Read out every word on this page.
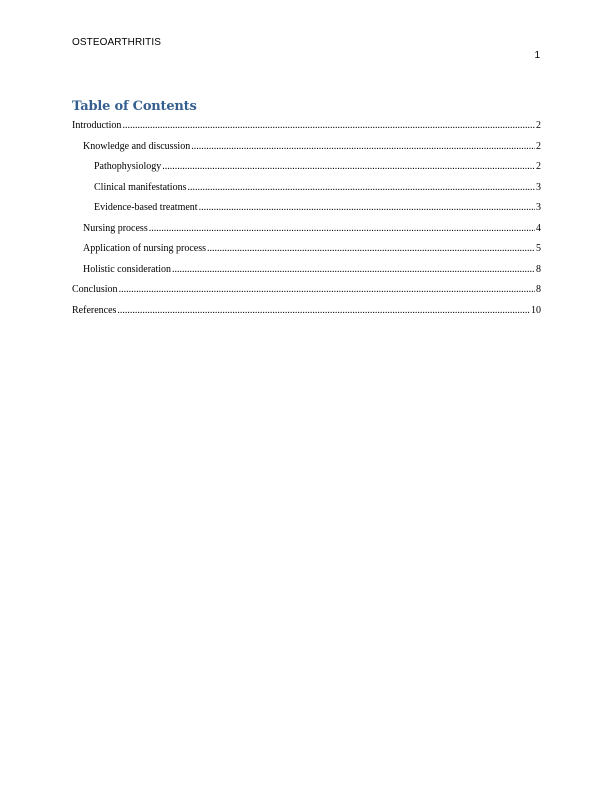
OSTEOARTHRITIS
1
Table of Contents
Introduction .....	2
Knowledge and discussion .....	2
Pathophysiology .....	2
Clinical manifestations .....	3
Evidence-based treatment .....	3
Nursing process .....	4
Application of nursing process .....	5
Holistic consideration .....	8
Conclusion .....	8
References .....	10
